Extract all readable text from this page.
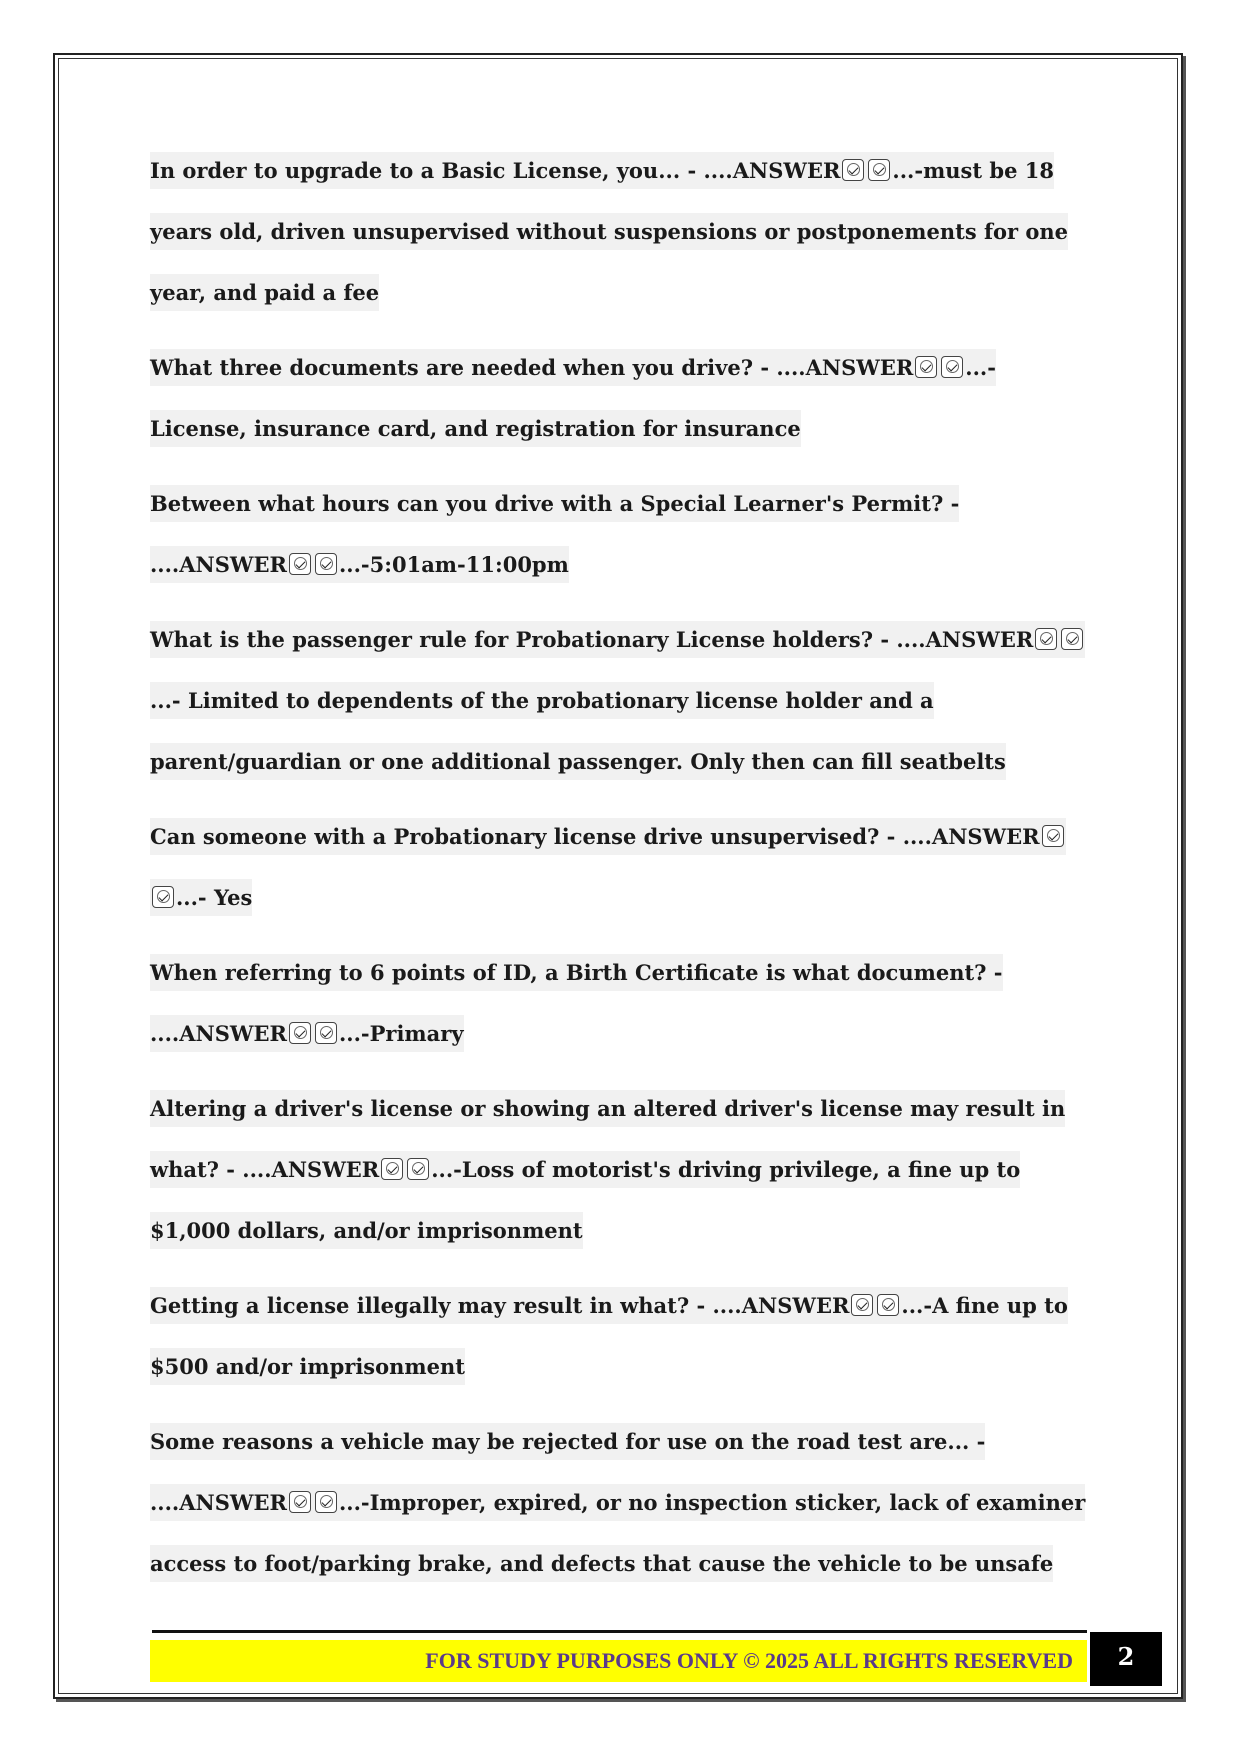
In order to upgrade to a Basic License, you... - ....ANSWER ...-must be 18 years old, driven unsupervised without suspensions or postponements for one year, and paid a fee

What three documents are needed when you drive? - ....ANSWER ...-License, insurance card, and registration for insurance

Between what hours can you drive with a Special Learner's Permit? - ....ANSWER ...-5:01am-11:00pm

What is the passenger rule for Probationary License holders? - ....ANSWER...- Limited to dependents of the probationary license holder and a parent/guardian or one additional passenger. Only then can fill seatbelts

Can someone with a Probationary license drive unsupervised? - ....ANSWER...- Yes

When referring to 6 points of ID, a Birth Certificate is what document? - ....ANSWER ...-Primary

Altering a driver's license or showing an altered driver's license may result in what? - ....ANSWER ...-Loss of motorist's driving privilege, a fine up to $1,000 dollars, and/or imprisonment

Getting a license illegally may result in what? - ....ANSWER ...-A fine up to $500 and/or imprisonment

Some reasons a vehicle may be rejected for use on the road test are... - ....ANSWER ...-Improper, expired, or no inspection sticker, lack of examiner access to foot/parking brake, and defects that cause the vehicle to be unsafe

FOR STUDY PURPOSES ONLY © 2025 ALL RIGHTS RESERVED	2
